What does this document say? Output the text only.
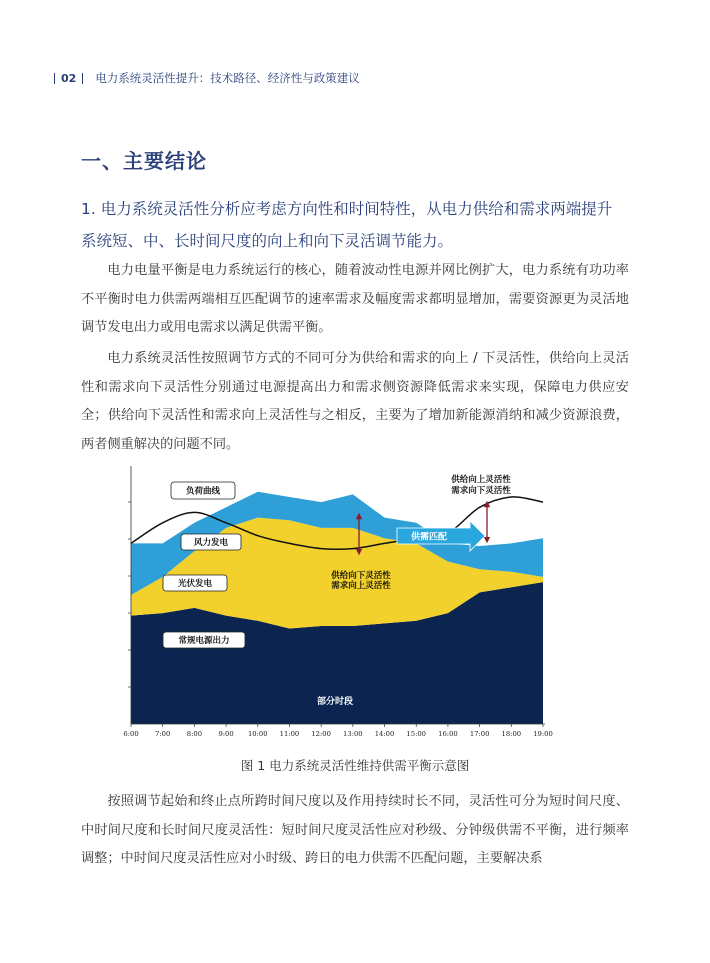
02 电力系统灵活性提升：技术路径、经济性与政策建议
一、主要结论
1. 电力系统灵活性分析应考虑方向性和时间特性，从电力供给和需求两端提升系统短、中、长时间尺度的向上和向下灵活调节能力。

电力电量平衡是电力系统运行的核心，随着波动性电源并网比例扩大，电力系统有功功率不平衡时电力供需两端相互匹配调节的速率需求及幅度需求都明显增加，需要资源更为灵活地调节发电出力或用电需求以满足供需平衡。

电力系统灵活性按照调节方式的不同可分为供给和需求的向上 / 下灵活性，供给向上灵活性和需求向下灵活性分别通过电源提高出力和需求侧资源降低需求来实现，保障电力供应安全；供给向下灵活性和需求向上灵活性与之相反，主要为了增加新能源消纳和减少资源浪费，两者侧重解决的问题不同。

6:00 7:00 8:00 9:00 10:00 11:00 12:00 13:00 14:00 15:00 16:00 17:00 18:00 19:00
负荷曲线
风力发电
光伏发电
常规电源出力
部分时段
供需匹配
供给向下灵活性
需求向上灵活性
供给向上灵活性
需求向下灵活性
图 1 电力系统灵活性维持供需平衡示意图

按照调节起始和终止点所跨时间尺度以及作用持续时长不同，灵活性可分为短时间尺度、中时间尺度和长时间尺度灵活性：短时间尺度灵活性应对秒级、分钟级供需不平衡，进行频率调整；中时间尺度灵活性应对小时级、跨日的电力供需不匹配问题，主要解决系
